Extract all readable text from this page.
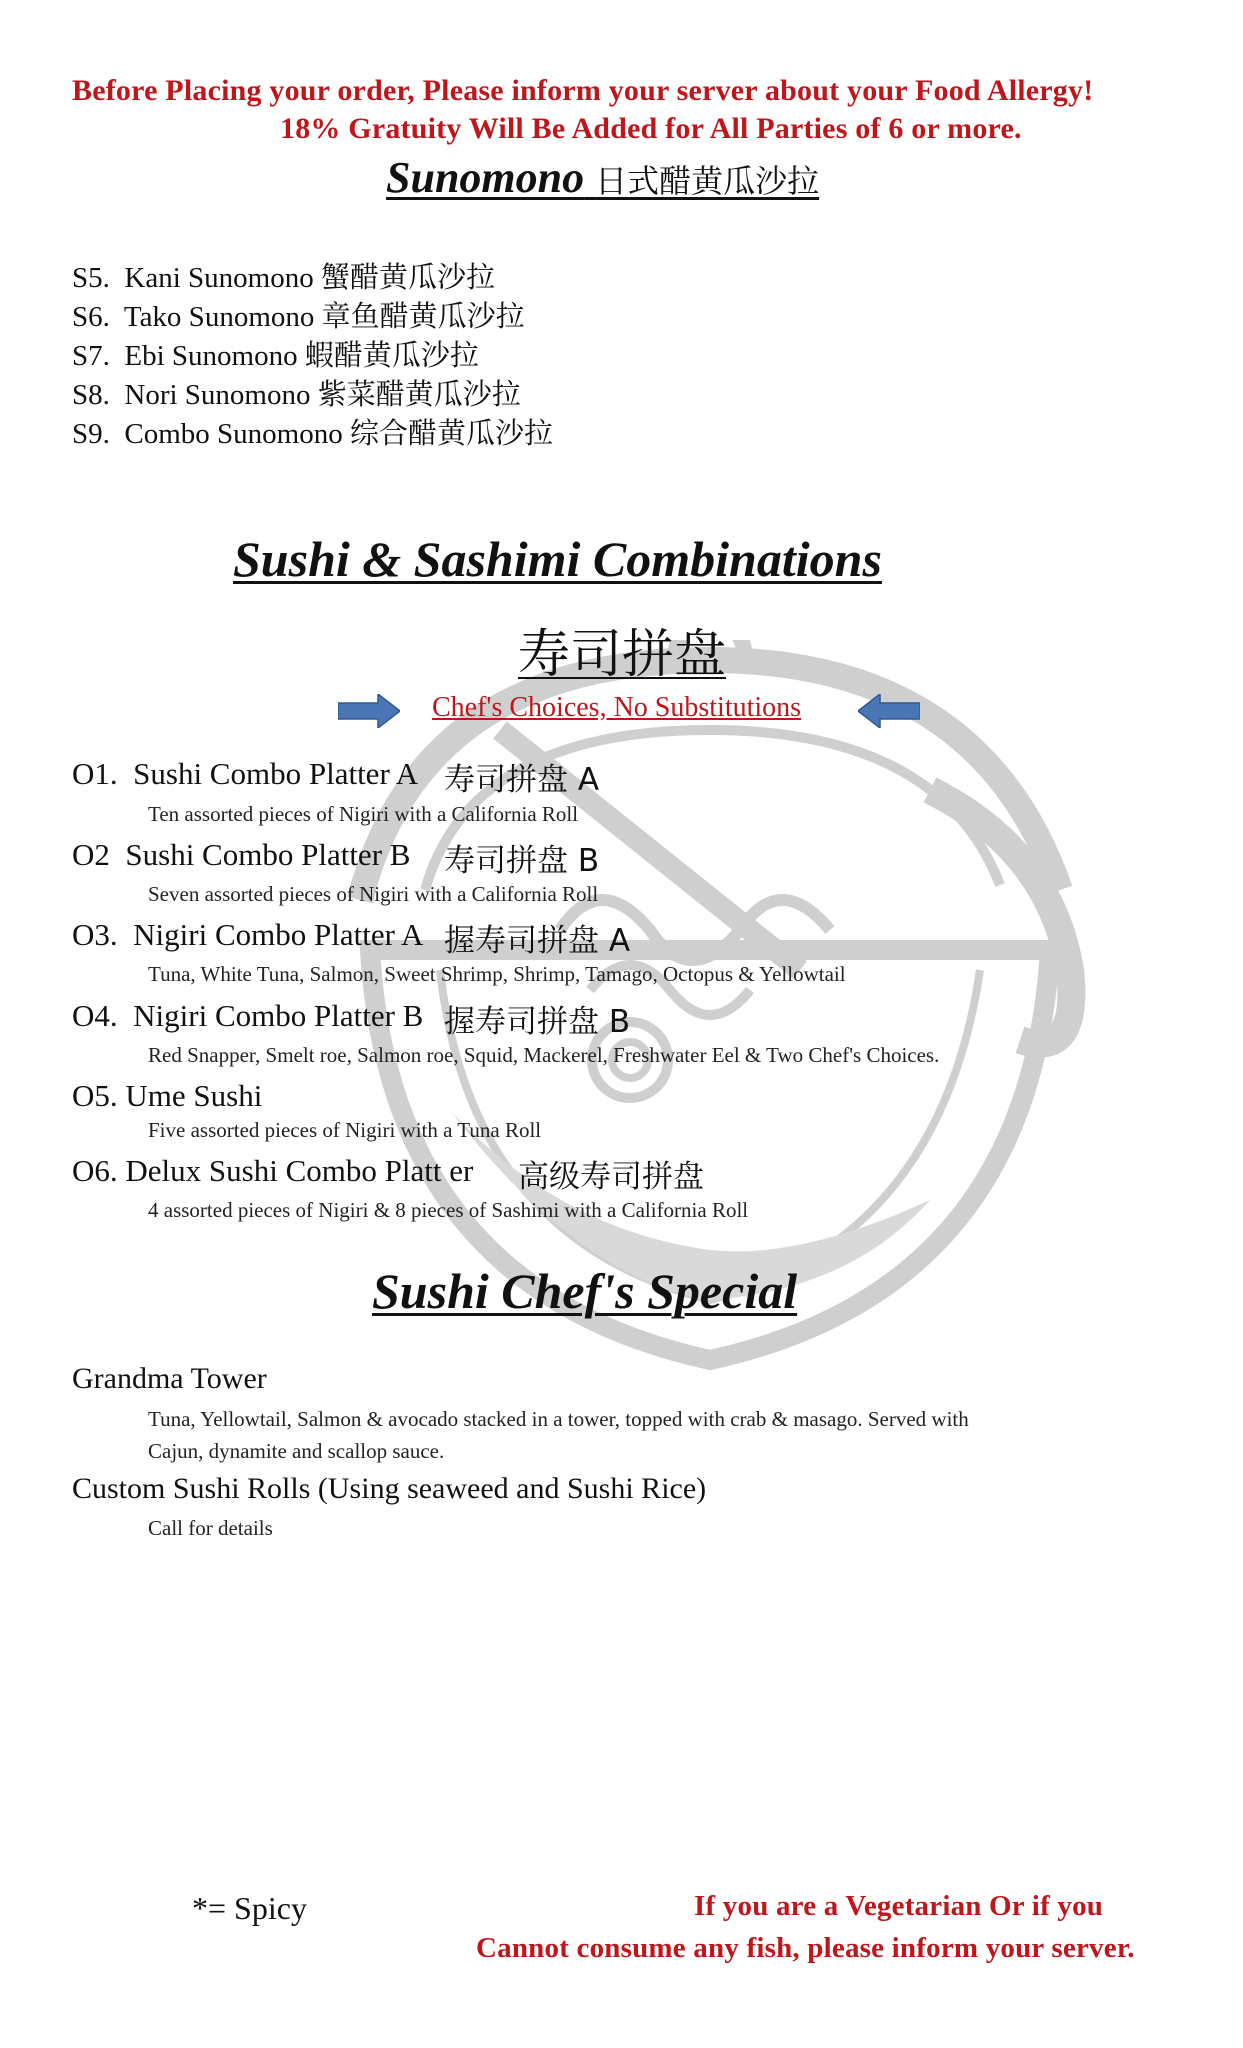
Before Placing your order, Please inform your server about your Food Allergy!
18% Gratuity Will Be Added for All Parties of 6 or more.
Sunomono 日式醋黄瓜沙拉
S5. Kani Sunomono 蟹醋黄瓜沙拉
S6. Tako Sunomono 章鱼醋黄瓜沙拉
S7. Ebi Sunomono 蝦醋黄瓜沙拉
S8. Nori Sunomono 紫菜醋黄瓜沙拉
S9. Combo Sunomono 综合醋黄瓜沙拉
Sushi & Sashimi Combinations
寿司拼盘
Chef's Choices, No Substitutions
O1. Sushi Combo Platter A 寿司拼盘 A
Ten assorted pieces of Nigiri with a California Roll
O2 Sushi Combo Platter B 寿司拼盘 B
Seven assorted pieces of Nigiri with a California Roll
O3. Nigiri Combo Platter A 握寿司拼盘 A
Tuna, White Tuna, Salmon, Sweet Shrimp, Shrimp, Tamago, Octopus & Yellowtail
O4. Nigiri Combo Platter B 握寿司拼盘 B
Red Snapper, Smelt roe, Salmon roe, Squid, Mackerel, Freshwater Eel & Two Chef's Choices.
O5. Ume Sushi
Five assorted pieces of Nigiri with a Tuna Roll
O6. Delux Sushi Combo Platt er 高级寿司拼盘
4 assorted pieces of Nigiri & 8 pieces of Sashimi with a California Roll
Sushi Chef's Special
Grandma Tower
Tuna, Yellowtail, Salmon & avocado stacked in a tower, topped with crab & masago. Served with
Cajun, dynamite and scallop sauce.
Custom Sushi Rolls (Using seaweed and Sushi Rice)
Call for details
*= Spicy	If you are a Vegetarian Or if you
Cannot consume any fish, please inform your server.
